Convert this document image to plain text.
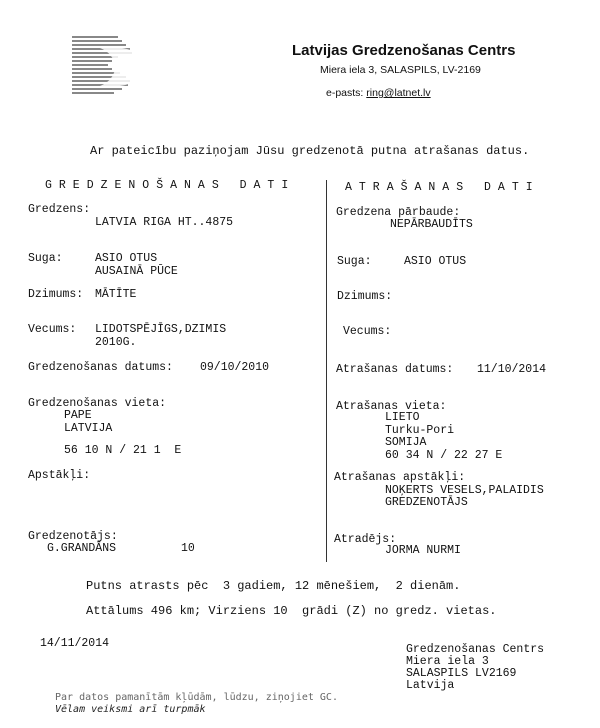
Latvijas Gredzenošanas Centrs
Miera iela 3, SALASPILS, LV-2169
e-pasts: ring@latnet.lv
Ar pateicību paziņojam Jūsu gredzenotā putna atrašanas datus.
GREDZENOŠANAS DATI	ATRAŠANAS DATI
Gredzens:
LATVIA RIGA HT..4875
Suga:	ASIO OTUS
AUSAINĀ PŪCE
Dzimums: MĀTĪTE
Vecums: LIDOTSPĒJĪGS,DZIMIS
2010G.
Gredzenošanas datums: 09/10/2010
Gredzenošanas vieta:
PAPE
LATVIJA
56 10 N / 21 1  E
Apstākļi:
Gredzenotājs:
G.GRANDĀNS	10
Gredzena pārbaude:
NEPĀRBAUDĪTS
Suga:	ASIO OTUS
Dzimums:
Vecums:
Atrašanas datums: 11/10/2014
Atrašanas vieta:
LIETO
Turku-Pori
SOMIJA
60 34 N / 22 27 E
Atrašanas apstākļi:
NOĶERTS VESELS,PALAIDIS
GREDZENOTĀJS
Atradējs:
JORMA NURMI
Putns atrasts pēc  3 gadiem, 12 mēnešiem,  2 dienām.
Attālums 496 km; Virziens 10  grādi (Z) no gredz. vietas.
14/11/2014	Gredzenošanas Centrs
Miera iela 3
SALASPILS LV2169
Latvija
Par datos pamanītām kļūdām, lūdzu, ziņojiet GC.
Vēlam veiksmi arī turpmāk
